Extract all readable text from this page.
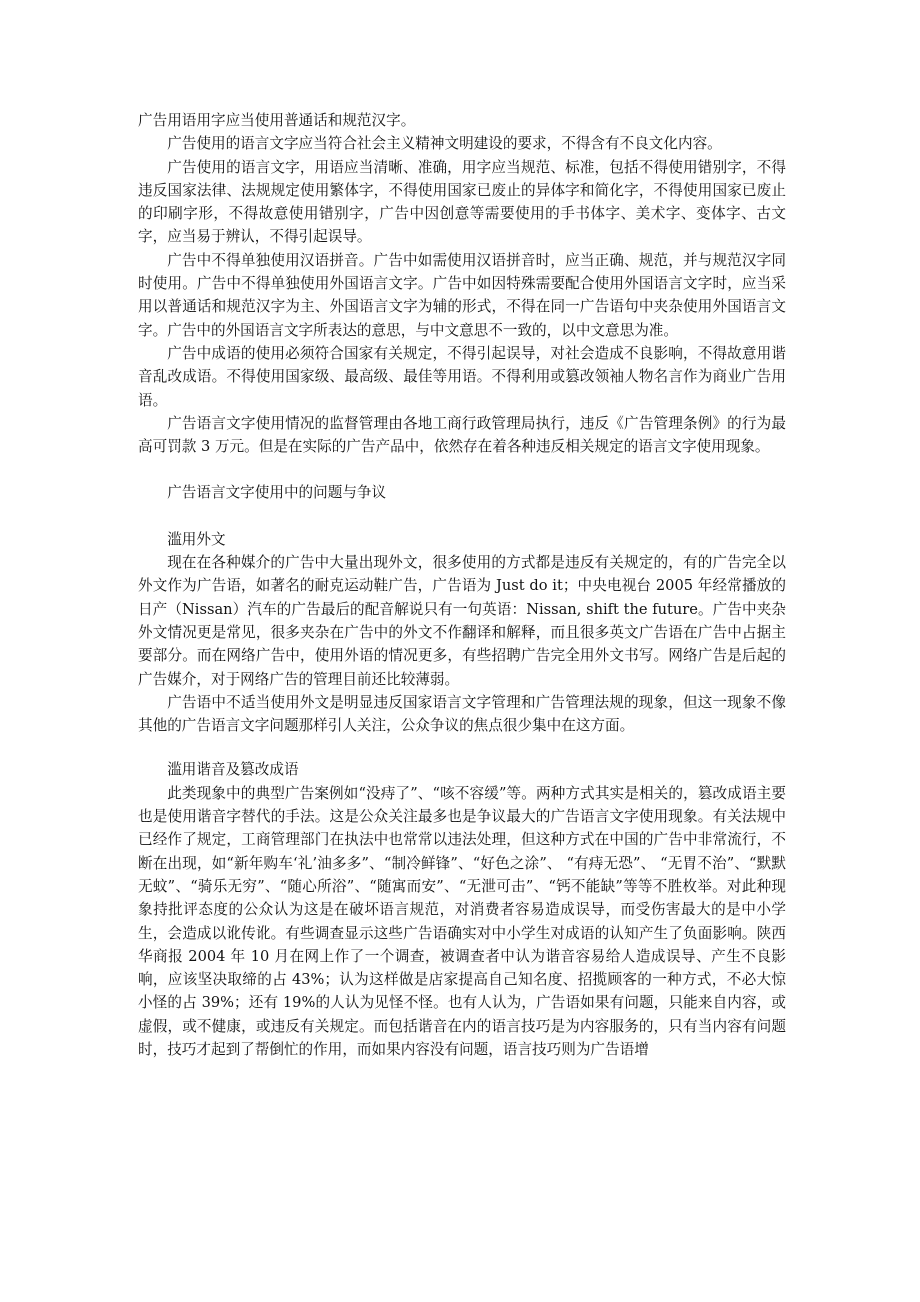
广告用语用字应当使用普通话和规范汉字。

广告使用的语言文字应当符合社会主义精神文明建设的要求，不得含有不良文化内容。

广告使用的语言文字，用语应当清晰、准确，用字应当规范、标准，包括不得使用错别字，不得违反国家法律、法规规定使用繁体字，不得使用国家已废止的异体字和简化字，不得使用国家已废止的印刷字形，不得故意使用错别字，广告中因创意等需要使用的手书体字、美术字、变体字、古文字，应当易于辨认，不得引起误导。

广告中不得单独使用汉语拼音。广告中如需使用汉语拼音时，应当正确、规范，并与规范汉字同时使用。广告中不得单独使用外国语言文字。广告中如因特殊需要配合使用外国语言文字时，应当采用以普通话和规范汉字为主、外国语言文字为辅的形式，不得在同一广告语句中夹杂使用外国语言文字。广告中的外国语言文字所表达的意思，与中文意思不一致的，以中文意思为准。

广告中成语的使用必须符合国家有关规定，不得引起误导，对社会造成不良影响，不得故意用谐音乱改成语。不得使用国家级、最高级、最佳等用语。不得利用或篡改领袖人物名言作为商业广告用语。

广告语言文字使用情况的监督管理由各地工商行政管理局执行，违反《广告管理条例》的行为最高可罚款 3 万元。但是在实际的广告产品中，依然存在着各种违反相关规定的语言文字使用现象。

广告语言文字使用中的问题与争议

滥用外文

现在在各种媒介的广告中大量出现外文，很多使用的方式都是违反有关规定的，有的广告完全以外文作为广告语，如著名的耐克运动鞋广告，广告语为 Just do it；中央电视台 2005 年经常播放的日产（Nissan）汽车的广告最后的配音解说只有一句英语：Nissan, shift the future。广告中夹杂外文情况更是常见，很多夹杂在广告中的外文不作翻译和解释，而且很多英文广告语在广告中占据主要部分。而在网络广告中，使用外语的情况更多，有些招聘广告完全用外文书写。网络广告是后起的广告媒介，对于网络广告的管理目前还比较薄弱。

广告语中不适当使用外文是明显违反国家语言文字管理和广告管理法规的现象，但这一现象不像其他的广告语言文字问题那样引人关注，公众争议的焦点很少集中在这方面。

滥用谐音及篡改成语

此类现象中的典型广告案例如“没痔了”、“咳不容缓”等。两种方式其实是相关的，篡改成语主要也是使用谐音字替代的手法。这是公众关注最多也是争议最大的广告语言文字使用现象。有关法规中已经作了规定，工商管理部门在执法中也常常以违法处理，但这种方式在中国的广告中非常流行，不断在出现，如“新年购车‘礼’油多多”、“制冷鲜锋”、“好色之涂”、 “有痔无恐”、 “无胃不治”、“默默无蚊”、“骑乐无穷”、“随心所浴”、“随寓而安”、“无泄可击”、“钙不能缺”等等不胜枚举。对此种现象持批评态度的公众认为这是在破坏语言规范，对消费者容易造成误导，而受伤害最大的是中小学生，会造成以讹传讹。有些调查显示这些广告语确实对中小学生对成语的认知产生了负面影响。陕西华商报 2004 年 10 月在网上作了一个调查，被调查者中认为谐音容易给人造成误导、产生不良影响，应该坚决取缔的占 43%；认为这样做是店家提高自己知名度、招揽顾客的一种方式，不必大惊小怪的占 39%；还有 19%的人认为见怪不怪。也有人认为，广告语如果有问题，只能来自内容，或虚假，或不健康，或违反有关规定。而包括谐音在内的语言技巧是为内容服务的，只有当内容有问题时，技巧才起到了帮倒忙的作用，而如果内容没有问题，语言技巧则为广告语增
